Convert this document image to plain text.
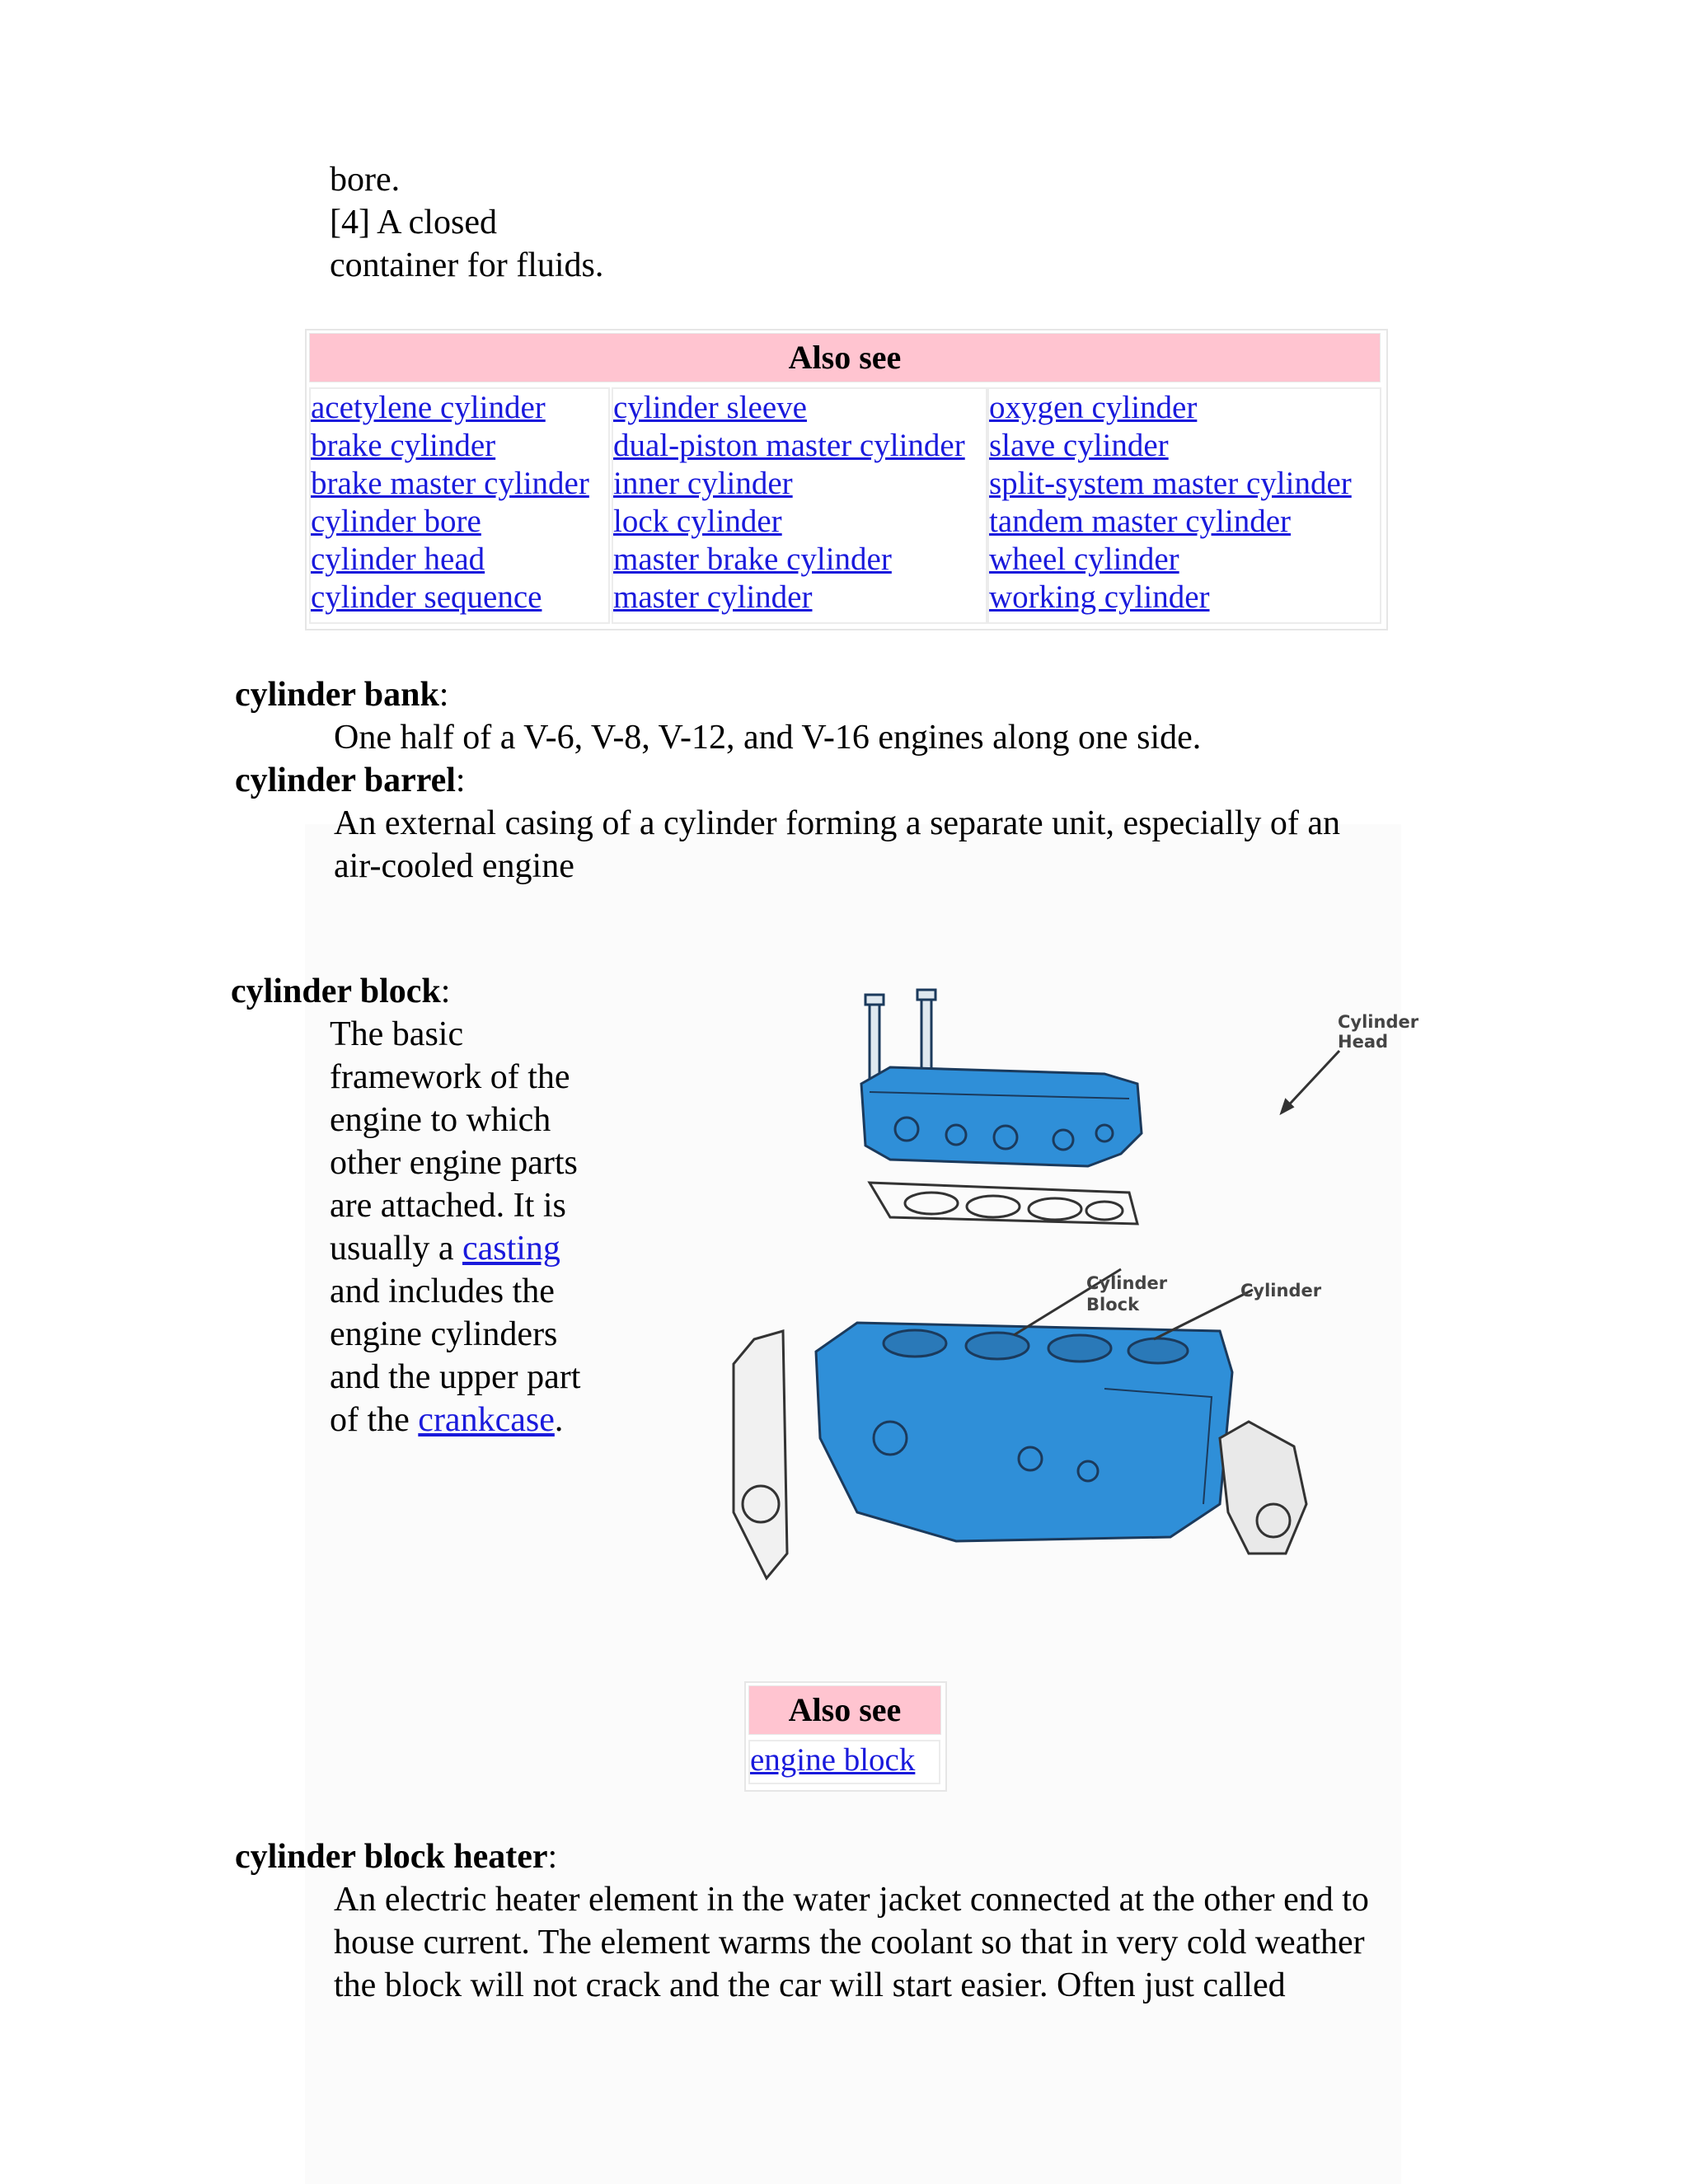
bore.
[4] A closed
container for fluids.
Also see
acetylene cylinder
brake cylinder
brake master cylinder
cylinder bore
cylinder head
cylinder sequence
cylinder sleeve
dual-piston master cylinder
inner cylinder
lock cylinder
master brake cylinder
master cylinder
oxygen cylinder
slave cylinder
split-system master cylinder
tandem master cylinder
wheel cylinder
working cylinder
cylinder bank:
One half of a V-6, V-8, V-12, and V-16 engines along one side.
cylinder barrel:
An external casing of a cylinder forming a separate unit, especially of an
air-cooled engine
cylinder block:
The basic
framework of the
engine to which
other engine parts
are attached. It is
usually a casting
and includes the
engine cylinders
and the upper part
of the crankcase.
Cylinder
Head
Cylinder
Block
Cylinder
Also see
engine block
cylinder block heater:
An electric heater element in the water jacket connected at the other end to
house current. The element warms the coolant so that in very cold weather
the block will not crack and the car will start easier. Often just called
